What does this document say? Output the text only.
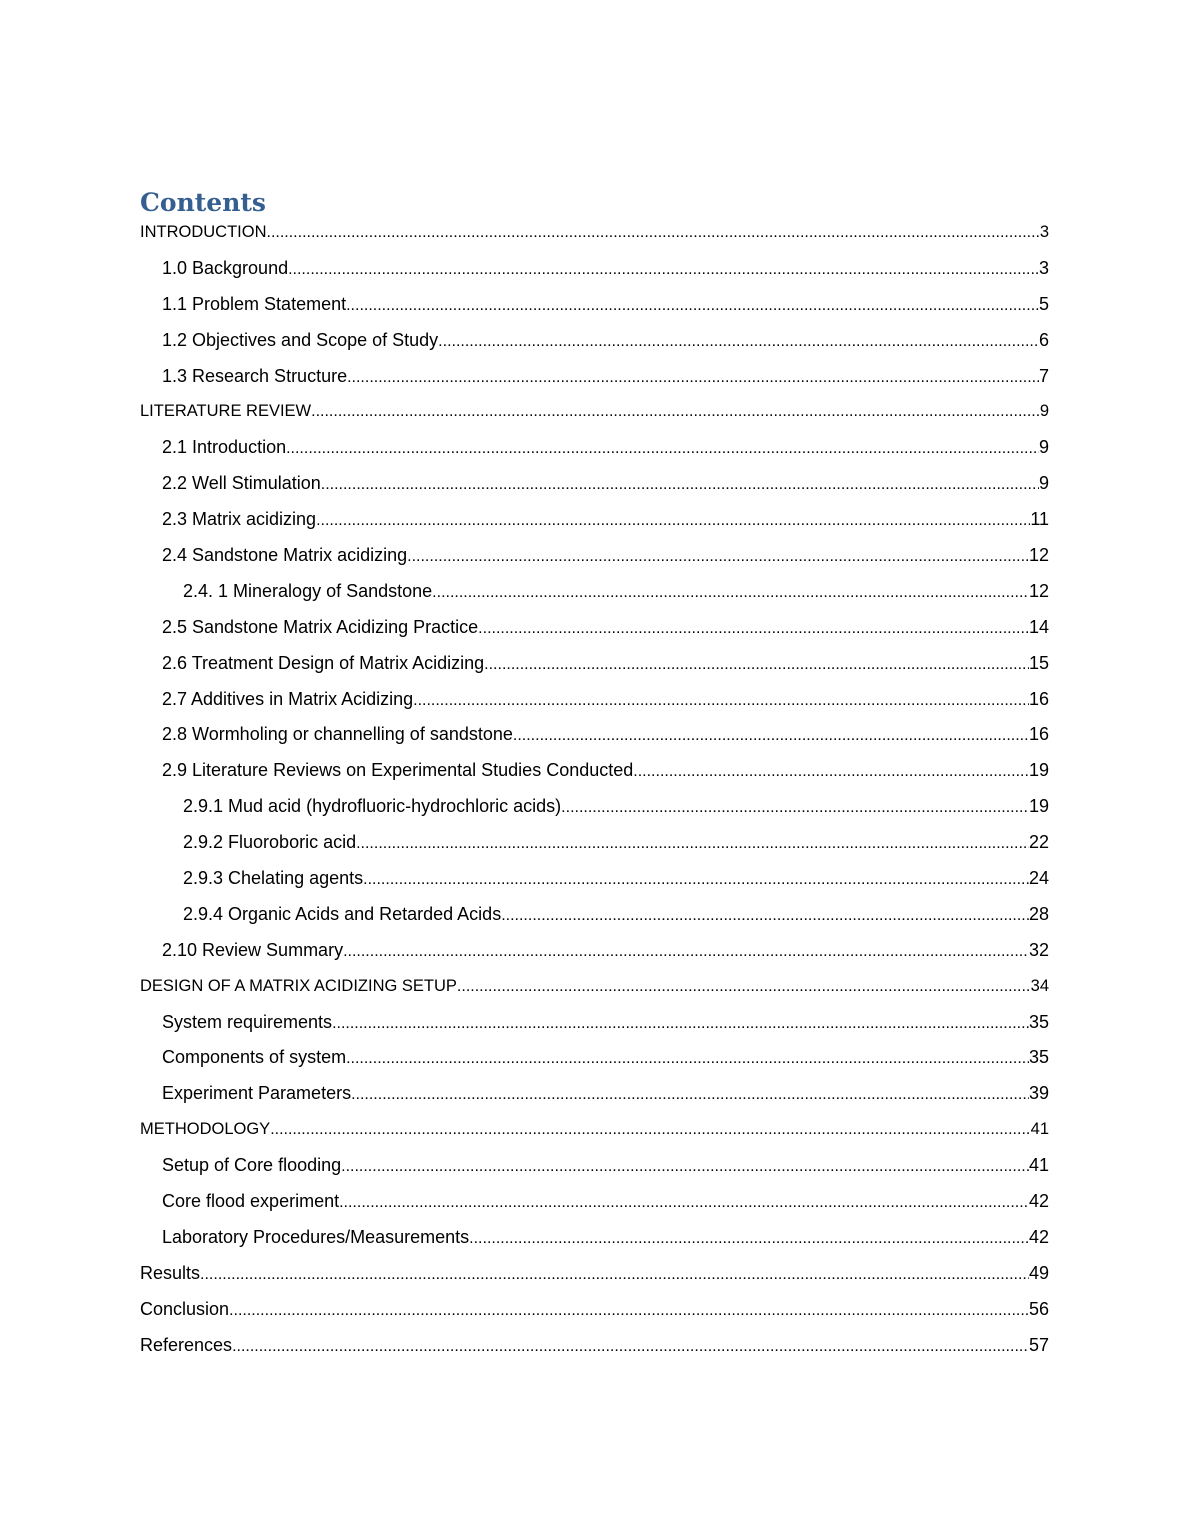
Contents
INTRODUCTION .....	3
1.0 Background .....	3
1.1 Problem Statement .....	5
1.2 Objectives and Scope of Study .....	6
1.3 Research Structure .....	7
LITERATURE REVIEW .....	9
2.1 Introduction .....	9
2.2 Well Stimulation .....	9
2.3 Matrix acidizing .....	11
2.4 Sandstone Matrix acidizing .....	12
2.4. 1 Mineralogy of Sandstone .....	12
2.5 Sandstone Matrix Acidizing Practice .....	14
2.6 Treatment Design of Matrix Acidizing .....	15
2.7 Additives in Matrix Acidizing .....	16
2.8 Wormholing or channelling of sandstone .....	16
2.9 Literature Reviews on Experimental Studies Conducted .....	19
2.9.1 Mud acid (hydrofluoric-hydrochloric acids) .....	19
2.9.2 Fluoroboric acid .....	22
2.9.3 Chelating agents .....	24
2.9.4 Organic Acids and Retarded Acids .....	28
2.10 Review Summary .....	32
DESIGN OF A MATRIX ACIDIZING SETUP .....	34
System requirements .....	35
Components of system .....	35
Experiment Parameters .....	39
METHODOLOGY .....	41
Setup of Core flooding .....	41
Core flood experiment .....	42
Laboratory Procedures/Measurements .....	42
Results .....	49
Conclusion .....	56
References .....	57
